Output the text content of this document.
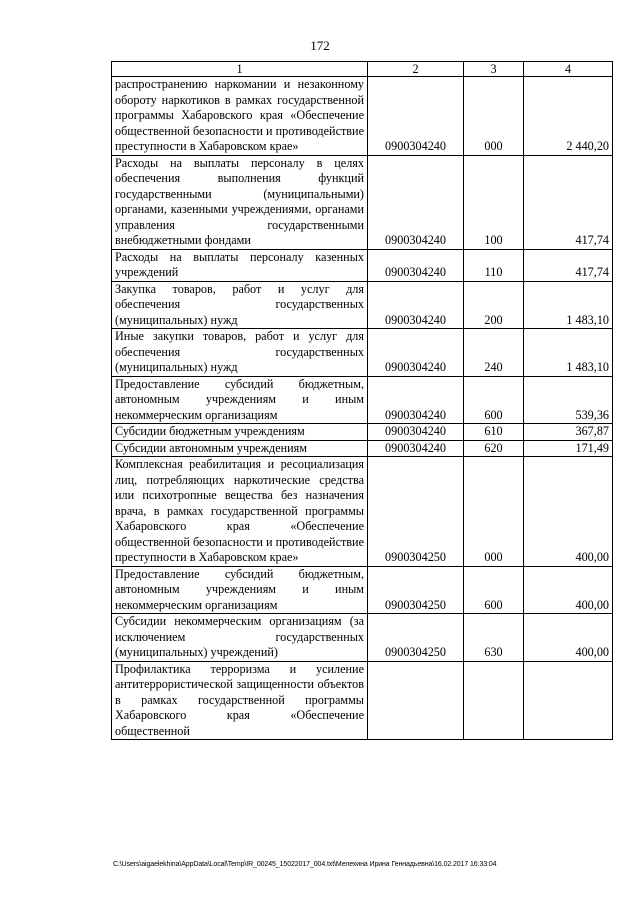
172
1	2	3	4
распространению наркомании и незаконному обороту наркотиков в рамках государственной программы Хабаровского края «Обеспечение общественной безопасности и противодействие преступности в Хабаровском крае»	0900304240	000	2 440,20
Расходы на выплаты персоналу в целях обеспечения выполнения функций государственными (муниципальными) органами, казенными учреждениями, органами управления государственными внебюджетными фондами	0900304240	100	417,74
Расходы на выплаты персоналу казенных учреждений	0900304240	110	417,74
Закупка товаров, работ и услуг для обеспечения государственных (муниципальных) нужд	0900304240	200	1 483,10
Иные закупки товаров, работ и услуг для обеспечения государственных (муниципальных) нужд	0900304240	240	1 483,10
Предоставление субсидий бюджетным, автономным учреждениям и иным некоммерческим организациям	0900304240	600	539,36
Субсидии бюджетным учреждениям	0900304240	610	367,87
Субсидии автономным учреждениям	0900304240	620	171,49
Комплексная реабилитация и ресоциализация лиц, потребляющих наркотические средства или психотропные вещества без назначения врача, в рамках государственной программы Хабаровского края «Обеспечение общественной безопасности и противодействие преступности в Хабаровском крае»	0900304250	000	400,00
Предоставление субсидий бюджетным, автономным учреждениям и иным некоммерческим организациям	0900304250	600	400,00
Субсидии некоммерческим организациям (за исключением государственных (муниципальных) учреждений)	0900304250	630	400,00
Профилактика терроризма и усиление антитеррористической защищенности объектов в рамках государственной программы Хабаровского края «Обеспечение общественной			
C:\Users\aigaelekhina\AppData\Local\Temp\IR_00245_15022017_004.txt\Мелехина Ирина Геннадьевна\16.02.2017 16:33:04
